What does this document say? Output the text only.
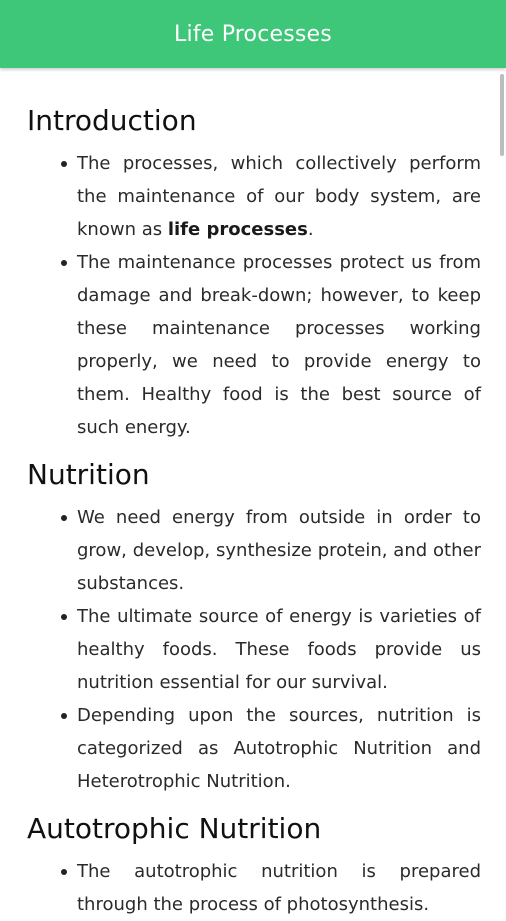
Life Processes
Introduction
The processes, which collectively perform the maintenance of our body system, are known as life processes.
The maintenance processes protect us from damage and break-down; however, to keep these maintenance processes working properly, we need to provide energy to them. Healthy food is the best source of such energy.
Nutrition
We need energy from outside in order to grow, develop, synthesize protein, and other substances.
The ultimate source of energy is varieties of healthy foods. These foods provide us nutrition essential for our survival.
Depending upon the sources, nutrition is categorized as Autotrophic Nutrition and Heterotrophic Nutrition.
Autotrophic Nutrition
The autotrophic nutrition is prepared through the process of photosynthesis.
